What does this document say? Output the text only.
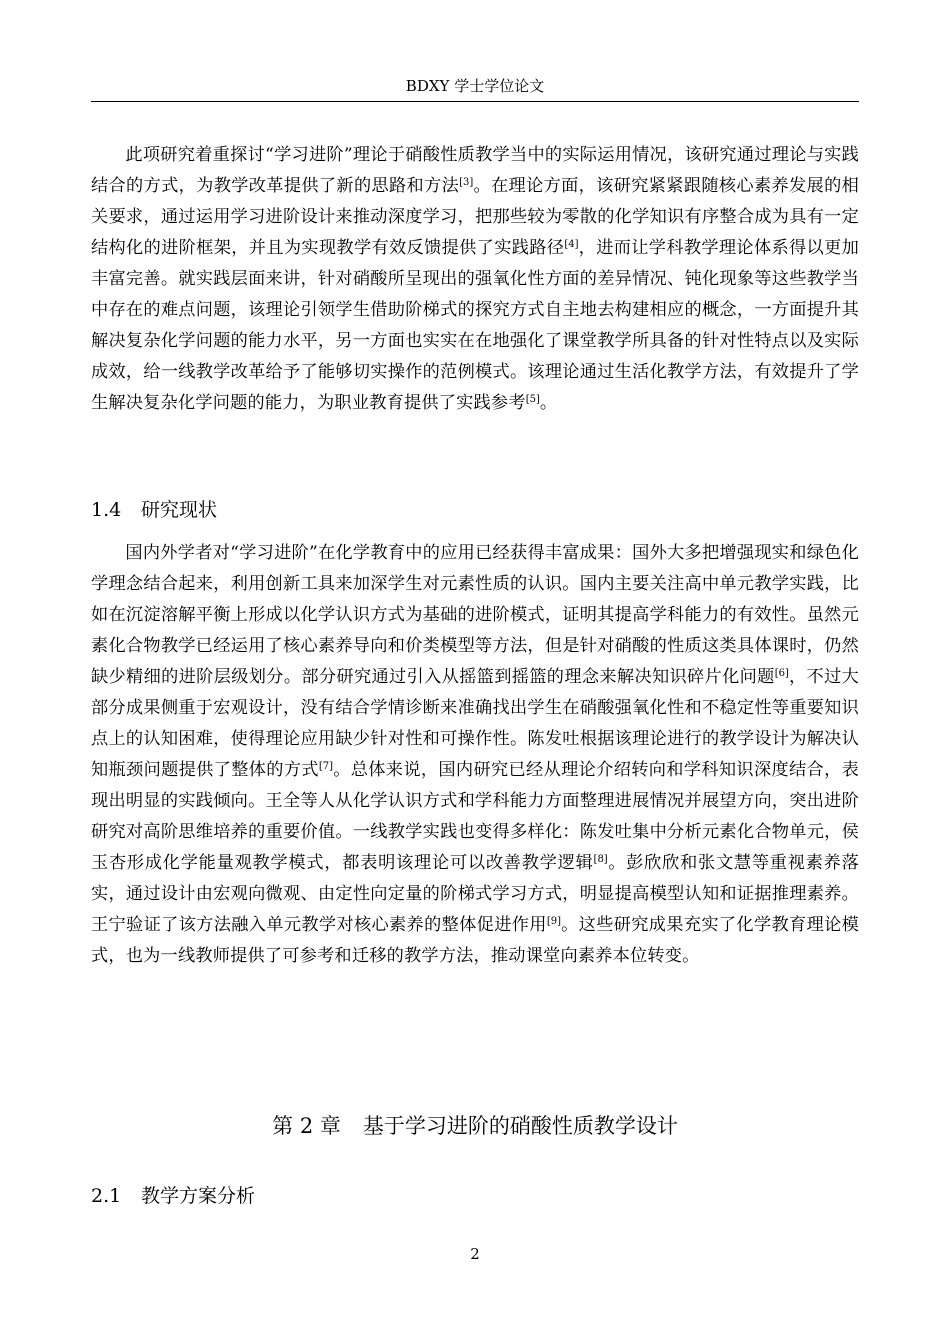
BDXY 学士学位论文

此项研究着重探讨“学习进阶”理论于硝酸性质教学当中的实际运用情况，该研究通过理论与实践结合的方式，为教学改革提供了新的思路和方法[3]。在理论方面，该研究紧紧跟随核心素养发展的相关要求，通过运用学习进阶设计来推动深度学习，把那些较为零散的化学知识有序整合成为具有一定结构化的进阶框架，并且为实现教学有效反馈提供了实践路径[4]，进而让学科教学理论体系得以更加丰富完善。就实践层面来讲，针对硝酸所呈现出的强氧化性方面的差异情况、钝化现象等这些教学当中存在的难点问题，该理论引领学生借助阶梯式的探究方式自主地去构建相应的概念，一方面提升其解决复杂化学问题的能力水平，另一方面也实实在在地强化了课堂教学所具备的针对性特点以及实际成效，给一线教学改革给予了能够切实操作的范例模式。该理论通过生活化教学方法，有效提升了学生解决复杂化学问题的能力，为职业教育提供了实践参考[5]。

1.4 研究现状

国内外学者对“学习进阶”在化学教育中的应用已经获得丰富成果：国外大多把增强现实和绿色化学理念结合起来，利用创新工具来加深学生对元素性质的认识。国内主要关注高中单元教学实践，比如在沉淀溶解平衡上形成以化学认识方式为基础的进阶模式，证明其提高学科能力的有效性。虽然元素化合物教学已经运用了核心素养导向和价类模型等方法，但是针对硝酸的性质这类具体课时，仍然缺少精细的进阶层级划分。部分研究通过引入从摇篮到摇篮的理念来解决知识碎片化问题[6]，不过大部分成果侧重于宏观设计，没有结合学情诊断来准确找出学生在硝酸强氧化性和不稳定性等重要知识点上的认知困难，使得理论应用缺少针对性和可操作性。陈发吐根据该理论进行的教学设计为解决认知瓶颈问题提供了整体的方式[7]。总体来说，国内研究已经从理论介绍转向和学科知识深度结合，表现出明显的实践倾向。王全等人从化学认识方式和学科能力方面整理进展情况并展望方向，突出进阶研究对高阶思维培养的重要价值。一线教学实践也变得多样化：陈发吐集中分析元素化合物单元，侯玉杏形成化学能量观教学模式，都表明该理论可以改善教学逻辑[8]。彭欣欣和张文慧等重视素养落实，通过设计由宏观向微观、由定性向定量的阶梯式学习方式，明显提高模型认知和证据推理素养。王宁验证了该方法融入单元教学对核心素养的整体促进作用[9]。这些研究成果充实了化学教育理论模式，也为一线教师提供了可参考和迁移的教学方法，推动课堂向素养本位转变。

第 2 章 基于学习进阶的硝酸性质教学设计
2.1 教学方案分析
2
